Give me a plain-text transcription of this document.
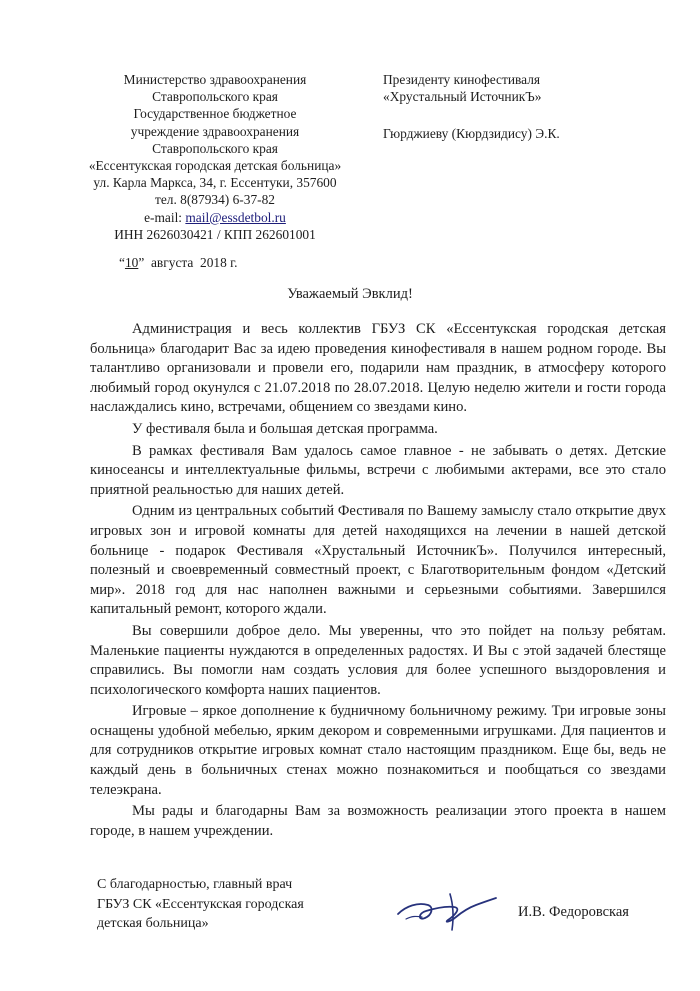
Министерство здравоохранения
Ставропольского края
Государственное бюджетное
учреждение здравоохранения
Ставропольского края
«Ессентукская городская детская больница»
ул. Карла Маркса, 34, г. Ессентуки, 357600
тел. 8(87934) 6-37-82
e-mail: mail@essdetbol.ru
ИНН 2626030421 / КПП 262601001
Президенту кинофестиваля
«Хрустальный ИсточникЪ»
Гюрджиеву (Кюрдзидису) Э.К.
“10”  августа  2018 г.
Уважаемый Эвклид!

Администрация и весь коллектив ГБУЗ СК «Ессентукская городская детская больница» благодарит Вас за идею проведения кинофестиваля в нашем родном городе. Вы талантливо организовали и провели его, подарили нам праздник, в атмосферу которого любимый город окунулся с 21.07.2018 по 28.07.2018. Целую неделю жители и гости города наслаждались кино, встречами, общением со звездами кино.

У фестиваля была и большая детская программа.

В рамках фестиваля Вам удалось самое главное - не забывать о детях. Детские киносеансы и интеллектуальные фильмы, встречи с любимыми актерами, все это стало приятной реальностью для наших детей.

Одним из центральных событий Фестиваля по Вашему замыслу стало открытие двух игровых зон и игровой комнаты для детей находящихся на лечении в нашей детской больнице - подарок Фестиваля «Хрустальный ИсточникЪ». Получился интересный, полезный и своевременный совместный проект, с Благотворительным фондом «Детский мир». 2018 год для нас наполнен важными и серьезными событиями. Завершился капитальный ремонт, которого ждали.

Вы совершили доброе дело. Мы уверенны, что это пойдет на пользу ребятам. Маленькие пациенты нуждаются в определенных радостях. И Вы с этой задачей блестяще справились. Вы помогли нам создать условия для более успешного выздоровления и психологического комфорта наших пациентов.

Игровые – яркое дополнение к будничному больничному режиму. Три игровые зоны оснащены удобной мебелью, ярким декором и современными игрушками. Для пациентов и для сотрудников открытие игровых комнат стало настоящим праздником. Еще бы, ведь не каждый день в больничных стенах можно познакомиться и пообщаться со звездами телеэкрана.

Мы рады и благодарны Вам за возможность реализации этого проекта в нашем городе, в нашем учреждении.

С благодарностью, главный врач
ГБУЗ СК «Ессентукская городская
детская больница»
И.В. Федоровская
